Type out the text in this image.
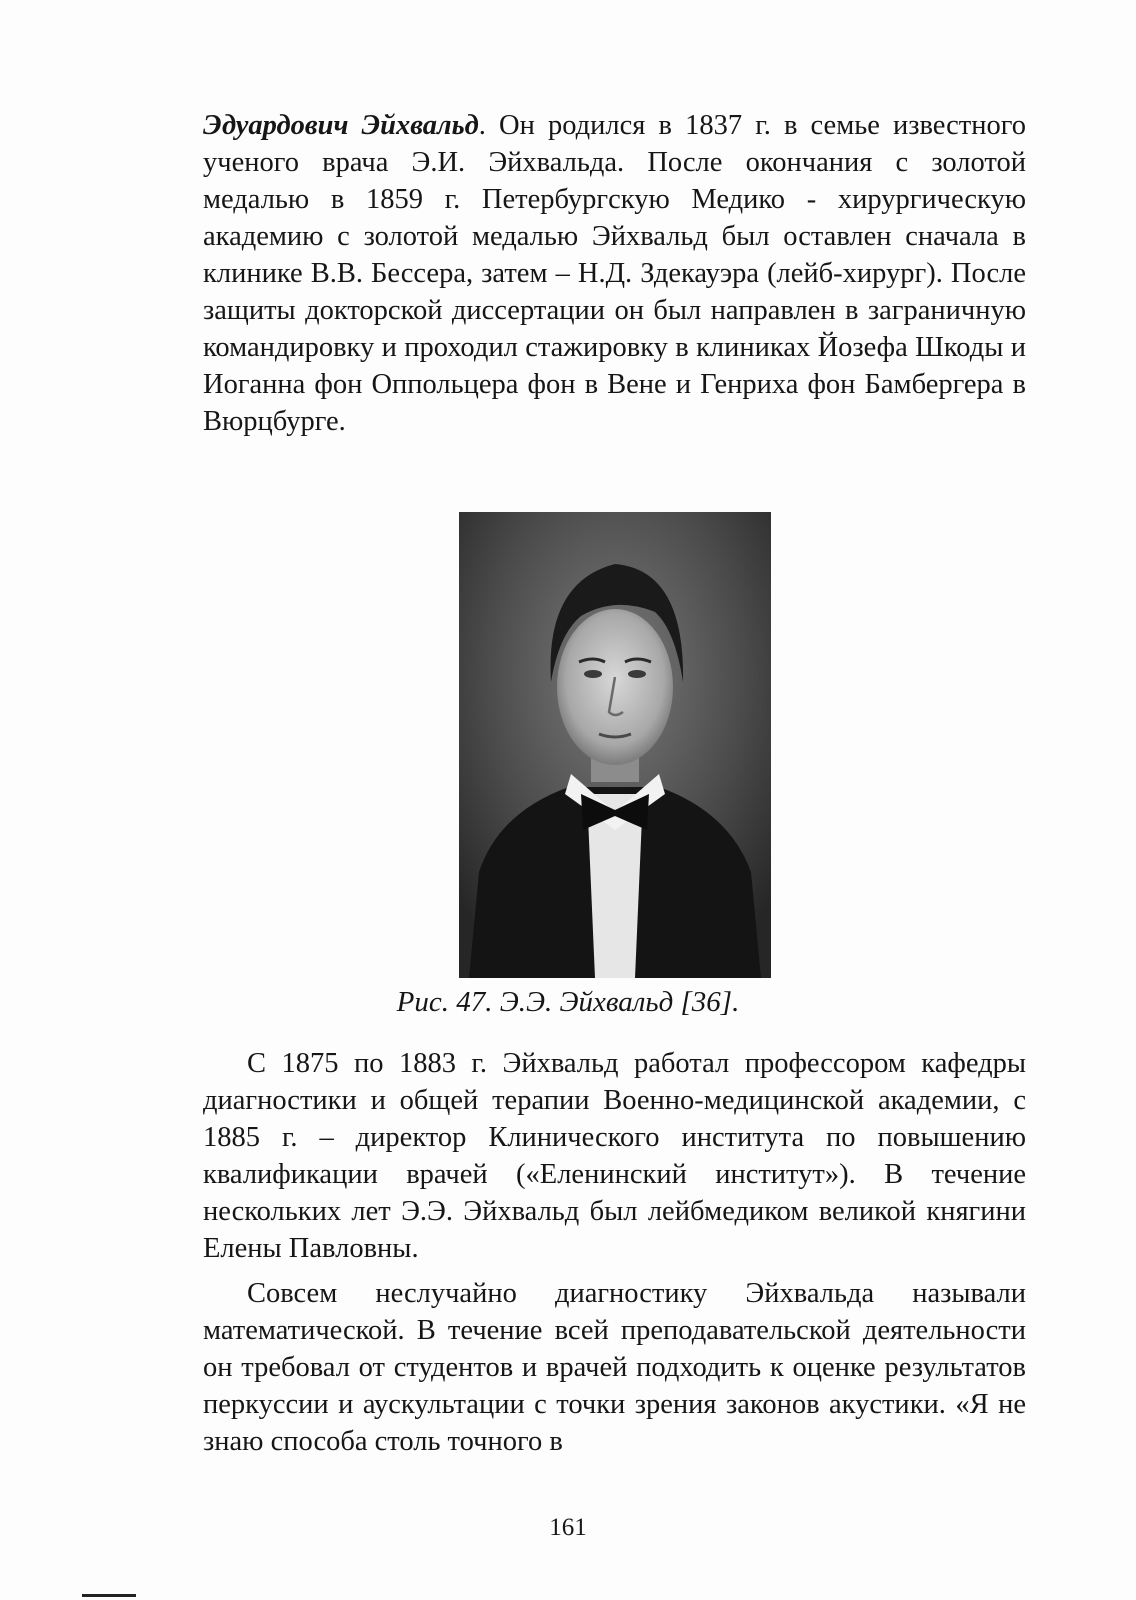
Эдуардович Эйхвальд. Он родился в 1837 г. в семье известного ученого врача Э.И. Эйхвальда. После окончания с золотой медалью в 1859 г. Петербургскую Медико - хирургическую академию с золотой медалью Эйхвальд был оставлен сначала в клинике В.В. Бессера, затем – Н.Д. Здекауэра (лейб-хирург). После защиты докторской диссертации он был направлен в заграничную командировку и проходил стажировку в клиниках Йозефа Шкоды и Иоганна фон Оппольцера фон в Вене и Генриха фон Бамбергера в Вюрцбурге.

Рис. 47. Э.Э. Эйхвальд [36].

С 1875 по 1883 г. Эйхвальд работал профессором кафедры диагностики и общей терапии Военно-медицинской академии, с 1885 г. – директор Клинического института по повышению квалификации врачей («Еленинский институт»). В течение нескольких лет Э.Э. Эйхвальд был лейбмедиком великой княгини Елены Павловны.

Совсем неслучайно диагностику Эйхвальда называли математической. В течение всей преподавательской деятельности он требовал от студентов и врачей подходить к оценке результатов перкуссии и аускультации с точки зрения законов акустики. «Я не знаю способа столь точного в

161
